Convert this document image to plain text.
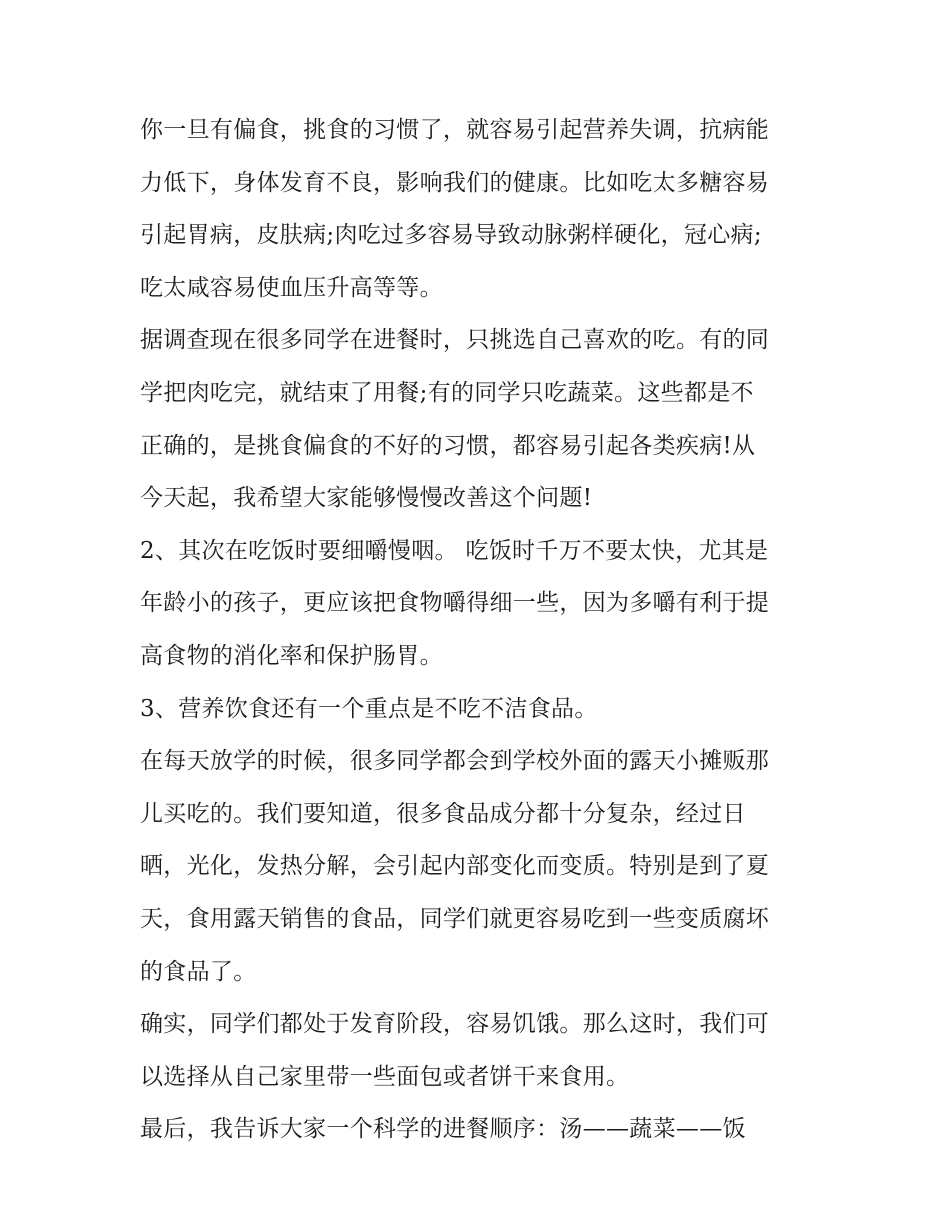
你一旦有偏食，挑食的习惯了，就容易引起营养失调，抗病能
力低下，身体发育不良，影响我们的健康。比如吃太多糖容易
引起胃病，皮肤病;肉吃过多容易导致动脉粥样硬化，冠心病;
吃太咸容易使血压升高等等。
据调查现在很多同学在进餐时，只挑选自己喜欢的吃。有的同
学把肉吃完，就结束了用餐;有的同学只吃蔬菜。这些都是不
正确的，是挑食偏食的不好的习惯，都容易引起各类疾病!从
今天起，我希望大家能够慢慢改善这个问题!
2、其次在吃饭时要细嚼慢咽。 吃饭时千万不要太快，尤其是
年龄小的孩子，更应该把食物嚼得细一些，因为多嚼有利于提
高食物的消化率和保护肠胃。
3、营养饮食还有一个重点是不吃不洁食品。
在每天放学的时候，很多同学都会到学校外面的露天小摊贩那
儿买吃的。我们要知道，很多食品成分都十分复杂，经过日
晒，光化，发热分解，会引起内部变化而变质。特别是到了夏
天，食用露天销售的食品，同学们就更容易吃到一些变质腐坏
的食品了。
确实，同学们都处于发育阶段，容易饥饿。那么这时，我们可
以选择从自己家里带一些面包或者饼干来食用。
最后，我告诉大家一个科学的进餐顺序：汤——蔬菜——饭
